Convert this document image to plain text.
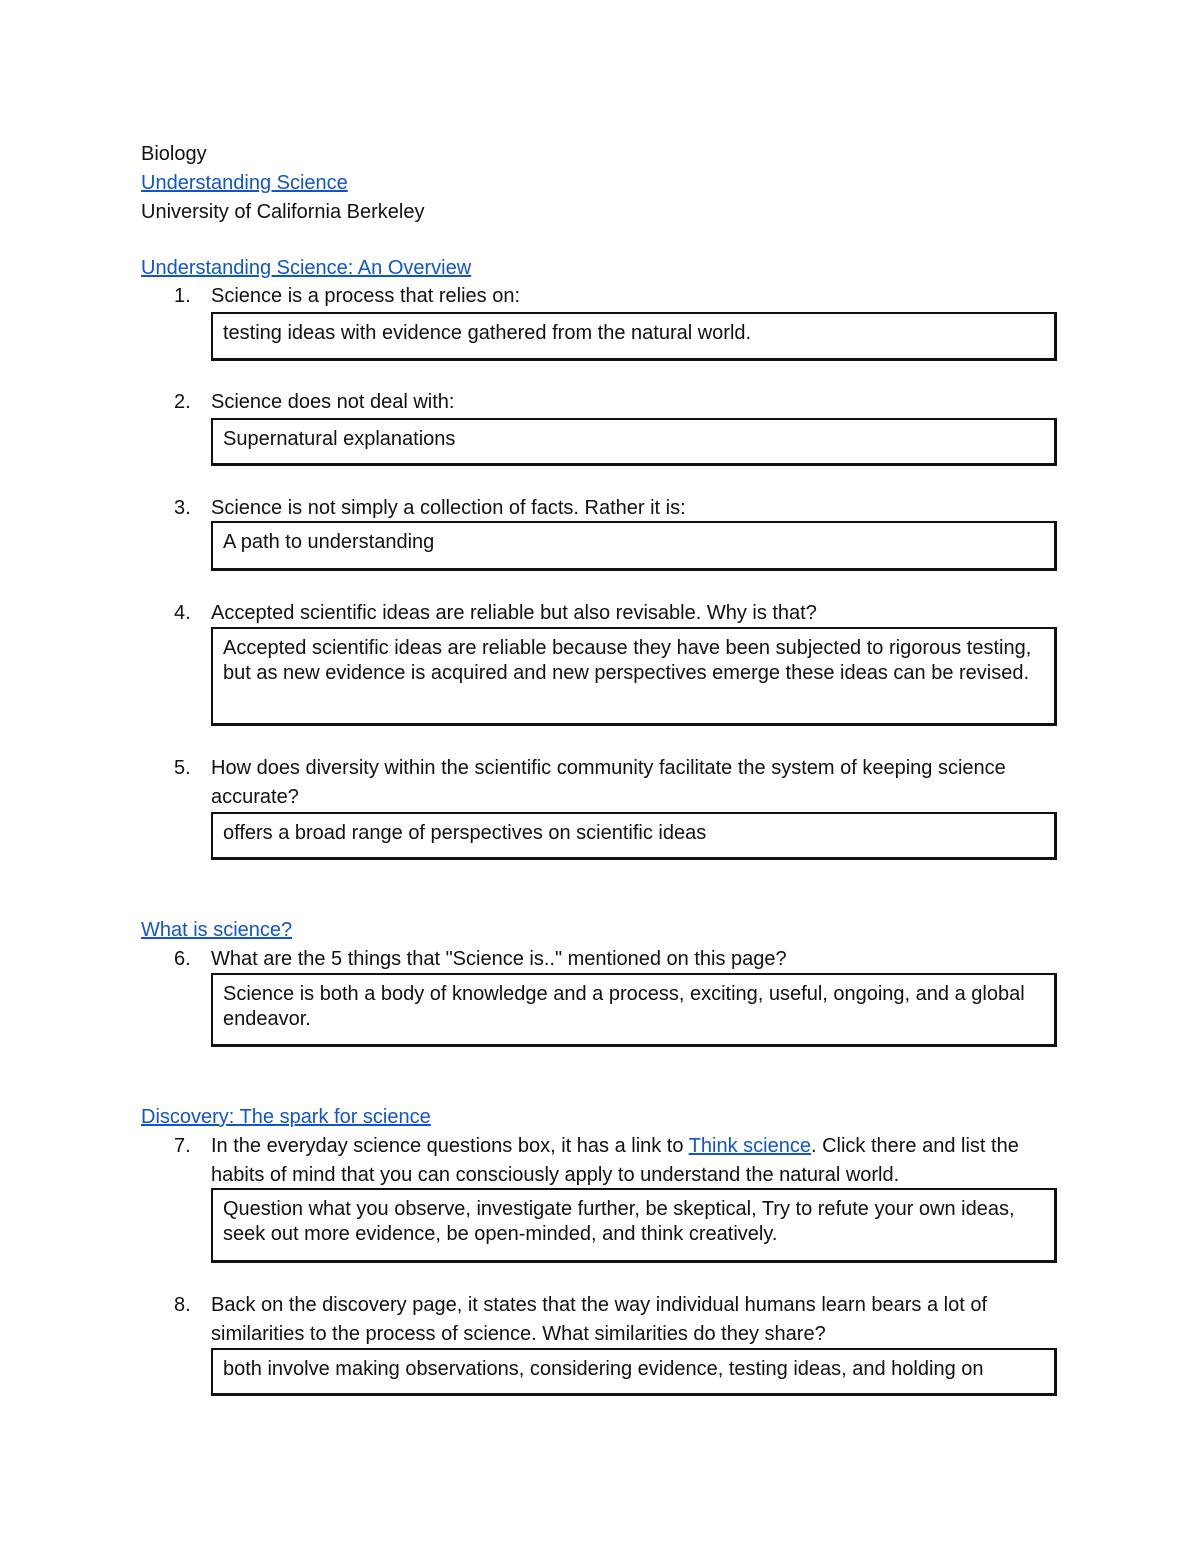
Biology
Understanding Science
University of California Berkeley
Understanding Science: An Overview
1. Science is a process that relies on:
testing ideas with evidence gathered from the natural world.
2. Science does not deal with:
Supernatural explanations
3. Science is not simply a collection of facts. Rather it is:
A path to understanding
4. Accepted scientific ideas are reliable but also revisable. Why is that?
Accepted scientific ideas are reliable because they have been subjected to rigorous testing, but as new evidence is acquired and new perspectives emerge these ideas can be revised.
5. How does diversity within the scientific community facilitate the system of keeping science accurate?
offers a broad range of perspectives on scientific ideas
What is science?
6. What are the 5 things that "Science is.." mentioned on this page?
Science is both a body of knowledge and a process, exciting, useful, ongoing, and a global endeavor.
Discovery: The spark for science
7. In the everyday science questions box, it has a link to Think science. Click there and list the habits of mind that you can consciously apply to understand the natural world.
Question what you observe, investigate further, be skeptical, Try to refute your own ideas, seek out more evidence, be open-minded, and think creatively.
8. Back on the discovery page, it states that the way individual humans learn bears a lot of similarities to the process of science. What similarities do they share?
both involve making observations, considering evidence, testing ideas, and holding on
